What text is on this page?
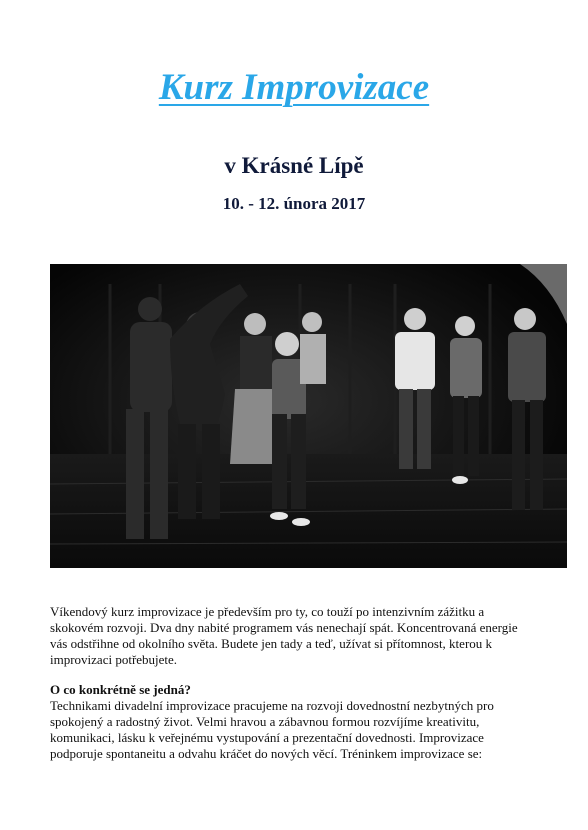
Kurz Improvizace
v Krásné Lípě
10. - 12. února 2017

Víkendový kurz improvizace je především pro ty, co touží po intenzivním zážitku a skokovém rozvoji. Dva dny nabité programem vás nenechají spát. Koncentrovaná energie vás odstřihne od okolního světa. Budete jen tady a teď, užívat si přítomnost, kterou k improvizaci potřebujete.

O co konkrétně se jedná?

Technikami divadelní improvizace pracujeme na rozvoji dovednostní nezbytných pro spokojený a radostný život. Velmi hravou a zábavnou formou rozvíjíme kreativitu, komunikaci, lásku k veřejnému vystupování a prezentační dovednosti. Improvizace podporuje spontaneitu a odvahu kráčet do nových věcí. Tréninkem improvizace se:
